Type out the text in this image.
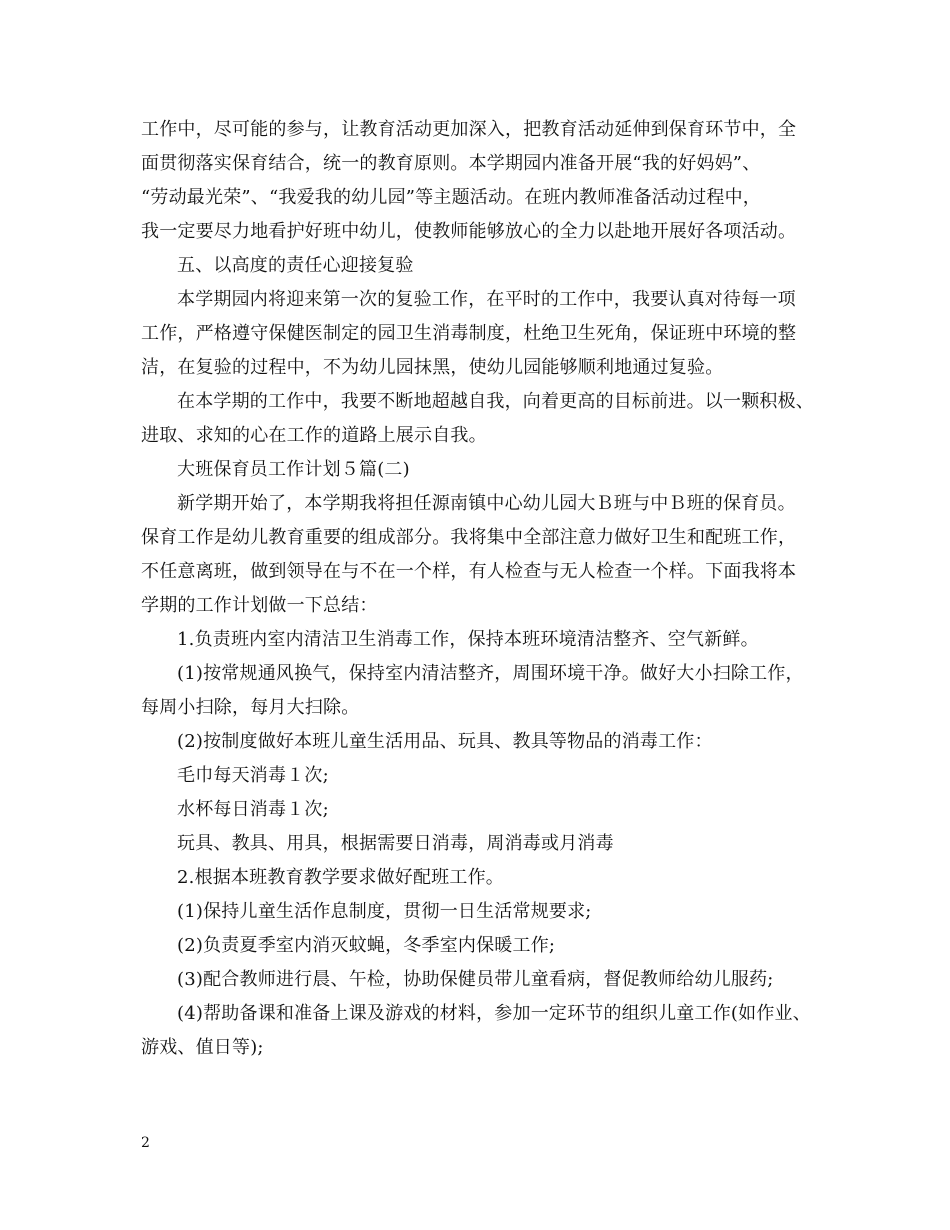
工作中，尽可能的参与，让教育活动更加深入，把教育活动延伸到保育环节中，全
面贯彻落实保育结合，统一的教育原则。本学期园内准备开展“我的好妈妈”、
“劳动最光荣”、“我爱我的幼儿园”等主题活动。在班内教师准备活动过程中，
我一定要尽力地看护好班中幼儿，使教师能够放心的全力以赴地开展好各项活动。
五、以高度的责任心迎接复验
本学期园内将迎来第一次的复验工作，在平时的工作中，我要认真对待每一项
工作，严格遵守保健医制定的园卫生消毒制度，杜绝卫生死角，保证班中环境的整
洁，在复验的过程中，不为幼儿园抹黑，使幼儿园能够顺利地通过复验。
在本学期的工作中，我要不断地超越自我，向着更高的目标前进。以一颗积极、
进取、求知的心在工作的道路上展示自我。
大班保育员工作计划５篇(二)
新学期开始了，本学期我将担任源南镇中心幼儿园大Ｂ班与中Ｂ班的保育员。
保育工作是幼儿教育重要的组成部分。我将集中全部注意力做好卫生和配班工作，
不任意离班，做到领导在与不在一个样，有人检查与无人检查一个样。下面我将本
学期的工作计划做一下总结：
1.负责班内室内清洁卫生消毒工作，保持本班环境清洁整齐、空气新鲜。
(1)按常规通风换气，保持室内清洁整齐，周围环境干净。做好大小扫除工作，
每周小扫除，每月大扫除。
(2)按制度做好本班儿童生活用品、玩具、教具等物品的消毒工作：
毛巾每天消毒１次;
水杯每日消毒１次;
玩具、教具、用具，根据需要日消毒，周消毒或月消毒
2.根据本班教育教学要求做好配班工作。
(1)保持儿童生活作息制度，贯彻一日生活常规要求;
(2)负责夏季室内消灭蚊蝇，冬季室内保暖工作;
(3)配合教师进行晨、午检，协助保健员带儿童看病，督促教师给幼儿服药;
(4)帮助备课和准备上课及游戏的材料，参加一定环节的组织儿童工作(如作业、
游戏、值日等);
2
